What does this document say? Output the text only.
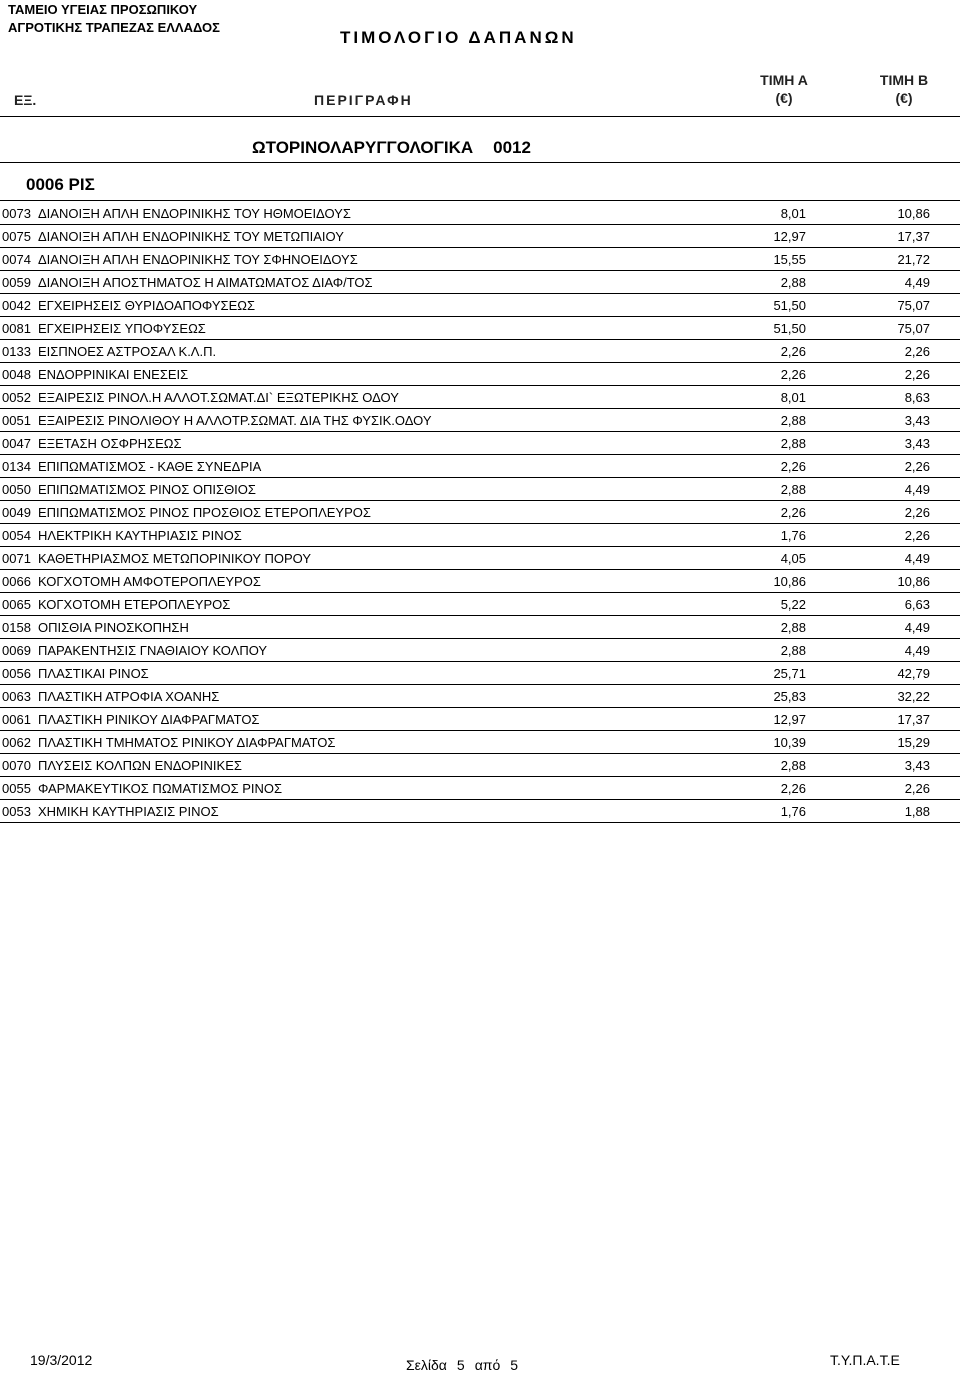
ΤΑΜΕΙΟ ΥΓΕΙΑΣ ΠΡΟΣΩΠΙΚΟΥ
ΑΓΡΟΤΙΚΗΣ ΤΡΑΠΕΖΑΣ ΕΛΛΑΔΟΣ
ΤΙΜΟΛΟΓΙΟ ΔΑΠΑΝΩΝ
ΕΞ.	ΠΕΡΙΓΡΑΦΗ
ΤΙΜΗ Α
(€)
ΤΙΜΗ Β
(€)
ΩΤΟΡΙΝΟΛΑΡΥΓΓΟΛΟΓΙΚΑ 0012
0006 ΡΙΣ
0073 ΔΙΑΝΟΙΞΗ ΑΠΛΗ ΕΝΔΟΡΙΝΙΚΗΣ ΤΟΥ ΗΘΜΟΕΙΔΟΥΣ	8,01	10,86
0075 ΔΙΑΝΟΙΞΗ ΑΠΛΗ ΕΝΔΟΡΙΝΙΚΗΣ ΤΟΥ ΜΕΤΩΠΙΑΙΟΥ	12,97	17,37
0074 ΔΙΑΝΟΙΞΗ ΑΠΛΗ ΕΝΔΟΡΙΝΙΚΗΣ ΤΟΥ ΣΦΗΝΟΕΙΔΟΥΣ	15,55	21,72
0059 ΔΙΑΝΟΙΞΗ ΑΠΟΣΤΗΜΑΤΟΣ Η ΑΙΜΑΤΩΜΑΤΟΣ ΔΙΑΦ/ΤΟΣ	2,88	4,49
0042 ΕΓΧΕΙΡΗΣΕΙΣ ΘΥΡΙΔΟΑΠΟΦΥΣΕΩΣ	51,50	75,07
0081 ΕΓΧΕΙΡΗΣΕΙΣ ΥΠΟΦΥΣΕΩΣ	51,50	75,07
0133 ΕΙΣΠΝΟΕΣ ΑΣΤΡΟΣΑΛ Κ.Λ.Π.	2,26	2,26
0048 ΕΝΔΟΡΡΙΝΙΚΑΙ ΕΝΕΣΕΙΣ	2,26	2,26
0052 ΕΞΑΙΡΕΣΙΣ ΡΙΝΟΛ.Η ΑΛΛΟΤ.ΣΩΜΑΤ.ΔΙ` ΕΞΩΤΕΡΙΚΗΣ ΟΔΟΥ	8,01	8,63
0051 ΕΞΑΙΡΕΣΙΣ ΡΙΝΟΛΙΘΟΥ Η ΑΛΛΟΤΡ.ΣΩΜΑΤ. ΔΙΑ ΤΗΣ ΦΥΣΙΚ.ΟΔΟΥ	2,88	3,43
0047 ΕΞΕΤΑΣΗ ΟΣΦΡΗΣΕΩΣ	2,88	3,43
0134 ΕΠΙΠΩΜΑΤΙΣΜΟΣ - ΚΑΘΕ ΣΥΝΕΔΡΙΑ	2,26	2,26
0050 ΕΠΙΠΩΜΑΤΙΣΜΟΣ ΡΙΝΟΣ ΟΠΙΣΘΙΟΣ	2,88	4,49
0049 ΕΠΙΠΩΜΑΤΙΣΜΟΣ ΡΙΝΟΣ ΠΡΟΣΘΙΟΣ ΕΤΕΡΟΠΛΕΥΡΟΣ	2,26	2,26
0054 ΗΛΕΚΤΡΙΚΗ ΚΑΥΤΗΡΙΑΣΙΣ ΡΙΝΟΣ	1,76	2,26
0071 ΚΑΘΕΤΗΡΙΑΣΜΟΣ ΜΕΤΩΠΟΡΙΝΙΚΟΥ ΠΟΡΟΥ	4,05	4,49
0066 ΚΟΓΧΟΤΟΜΗ ΑΜΦΟΤΕΡΟΠΛΕΥΡΟΣ	10,86	10,86
0065 ΚΟΓΧΟΤΟΜΗ ΕΤΕΡΟΠΛΕΥΡΟΣ	5,22	6,63
0158 ΟΠΙΣΘΙΑ ΡΙΝΟΣΚΟΠΗΣΗ	2,88	4,49
0069 ΠΑΡΑΚΕΝΤΗΣΙΣ ΓΝΑΘΙΑΙΟΥ ΚΟΛΠΟΥ	2,88	4,49
0056 ΠΛΑΣΤΙΚΑΙ ΡΙΝΟΣ	25,71	42,79
0063 ΠΛΑΣΤΙΚΗ ΑΤΡΟΦΙΑ ΧΟΑΝΗΣ	25,83	32,22
0061 ΠΛΑΣΤΙΚΗ ΡΙΝΙΚΟΥ ΔΙΑΦΡΑΓΜΑΤΟΣ	12,97	17,37
0062 ΠΛΑΣΤΙΚΗ ΤΜΗΜΑΤΟΣ ΡΙΝΙΚΟΥ ΔΙΑΦΡΑΓΜΑΤΟΣ	10,39	15,29
0070 ΠΛΥΣΕΙΣ ΚΟΛΠΩΝ ΕΝΔΟΡΙΝΙΚΕΣ	2,88	3,43
0055 ΦΑΡΜΑΚΕΥΤΙΚΟΣ ΠΩΜΑΤΙΣΜΟΣ ΡΙΝΟΣ	2,26	2,26
0053 ΧΗΜΙΚΗ ΚΑΥΤΗΡΙΑΣΙΣ ΡΙΝΟΣ	1,76	1,88
19/3/2012	Σελίδα 5 από 5	Τ.Υ.Π.Α.Τ.Ε
